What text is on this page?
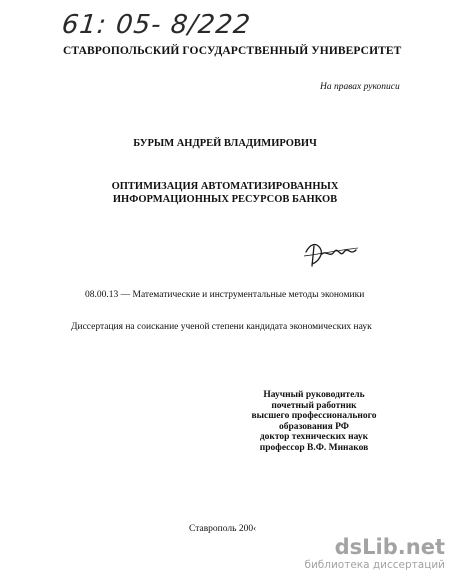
61: 05- 8/222
СТАВРОПОЛЬСКИЙ ГОСУДАРСТВЕННЫЙ УНИВЕРСИТЕТ
На правах рукописи
БУРЫМ АНДРЕЙ ВЛАДИМИРОВИЧ
ОПТИМИЗАЦИЯ АВТОМАТИЗИРОВАННЫХ
ИНФОРМАЦИОННЫХ РЕСУРСОВ БАНКОВ
08.00.13 — Математические и инструментальные методы экономики
Диссертация на соискание ученой степени кандидата экономических наук
Научный руководитель
почетный работник
высшего профессионального
образования РФ
доктор технических наук
профессор В.Ф. Минаков
Ставрополь 200‹
dsLib.net
библиотека диссертаций
